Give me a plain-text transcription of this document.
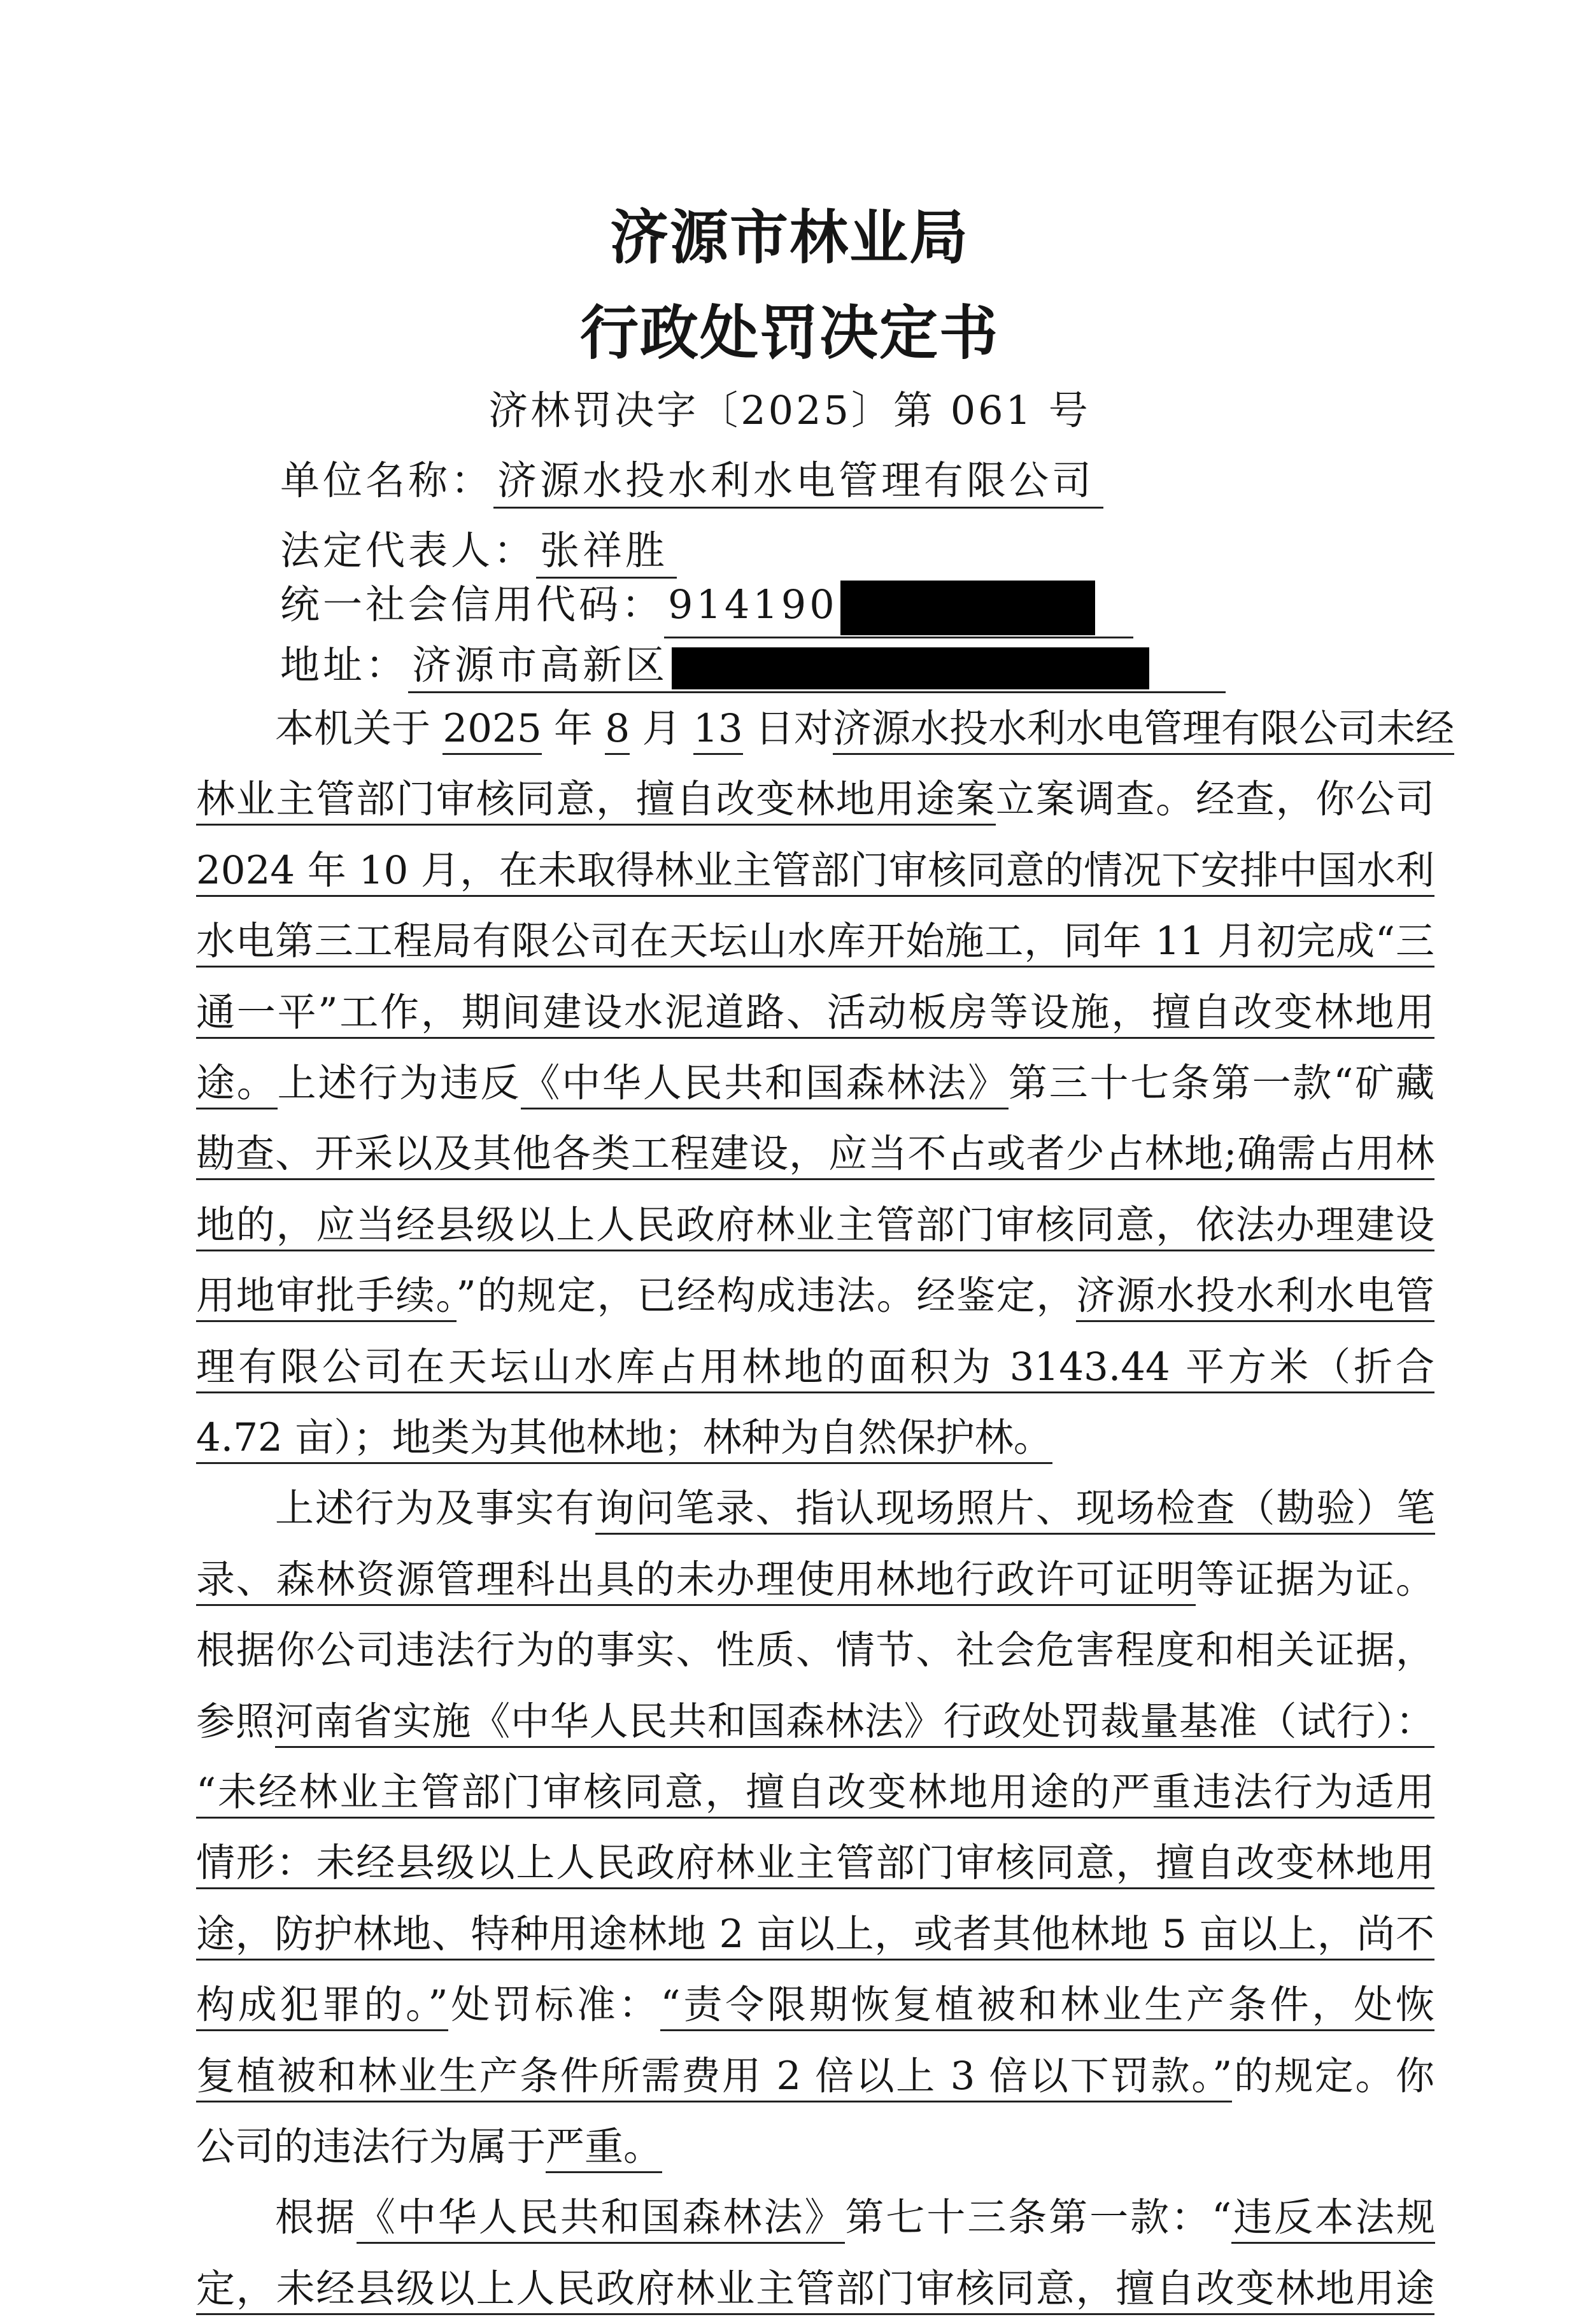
济源市林业局
行政处罚决定书
济林罚决字〔2025〕第 061 号
单位名称：济源水投水利水电管理有限公司
法定代表人：张祥胜
统一社会信用代码：914190
地址：济源市高新区
本机关于 2025 年 8 月 13 日对济源水投水利水电管理有限公司未经
林业主管部门审核同意，擅自改变林地用途案立案调查。经查，你公司
2024 年 10 月，在未取得林业主管部门审核同意的情况下安排中国水利
水电第三工程局有限公司在天坛山水库开始施工，同年 11 月初完成“三
通一平”工作，期间建设水泥道路、活动板房等设施，擅自改变林地用
途。上述行为违反《中华人民共和国森林法》第三十七条第一款“矿藏
勘查、开采以及其他各类工程建设，应当不占或者少占林地;确需占用林
地的，应当经县级以上人民政府林业主管部门审核同意，依法办理建设
用地审批手续。”的规定，已经构成违法。经鉴定，济源水投水利水电管
理有限公司在天坛山水库占用林地的面积为 3143.44 平方米（折合
4.72 亩）；地类为其他林地；林种为自然保护林。
上述行为及事实有询问笔录、指认现场照片、现场检查（勘验）笔
录、森林资源管理科出具的未办理使用林地行政许可证明等证据为证。
根据你公司违法行为的事实、性质、情节、社会危害程度和相关证据，
参照河南省实施《中华人民共和国森林法》行政处罚裁量基准（试行）：
“未经林业主管部门审核同意，擅自改变林地用途的严重违法行为适用
情形：未经县级以上人民政府林业主管部门审核同意，擅自改变林地用
途，防护林地、特种用途林地 2 亩以上，或者其他林地 5 亩以上，尚不
构成犯罪的。”处罚标准：“责令限期恢复植被和林业生产条件，处恢
复植被和林业生产条件所需费用 2 倍以上 3 倍以下罚款。”的规定。你
公司的违法行为属于严重。
根据《中华人民共和国森林法》第七十三条第一款：“违反本法规
定，未经县级以上人民政府林业主管部门审核同意，擅自改变林地用途
